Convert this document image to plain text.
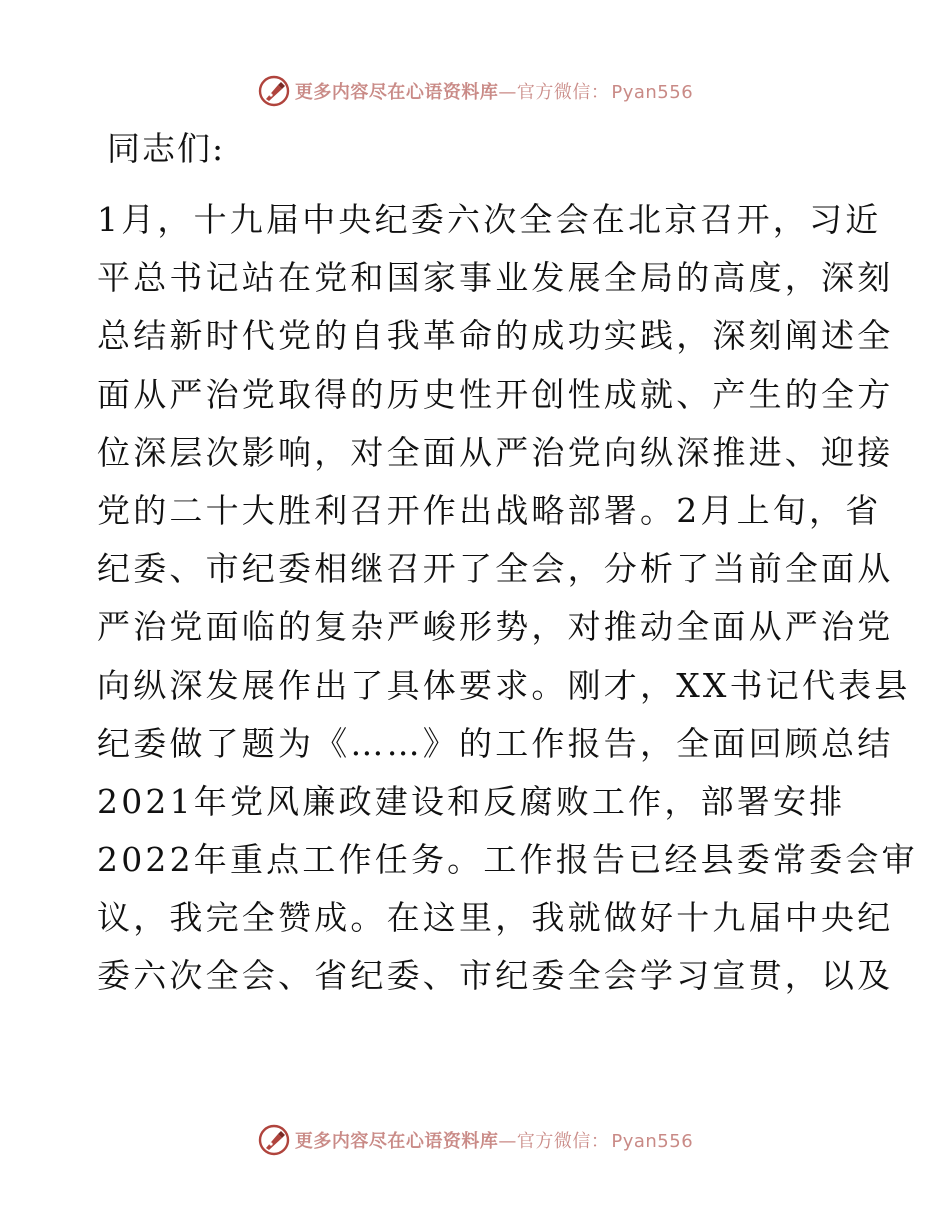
更多内容尽在心语资料库—官方微信： Pyan556

同志们:

1月，十九届中央纪委六次全会在北京召开，习近
平总书记站在党和国家事业发展全局的高度，深刻
总结新时代党的自我革命的成功实践，深刻阐述全
面从严治党取得的历史性开创性成就、产生的全方
位深层次影响，对全面从严治党向纵深推进、迎接
党的二十大胜利召开作出战略部署。2月上旬，省
纪委、市纪委相继召开了全会，分析了当前全面从
严治党面临的复杂严峻形势，对推动全面从严治党
向纵深发展作出了具体要求。刚才，XX书记代表县
纪委做了题为《……》的工作报告，全面回顾总结
2021年党风廉政建设和反腐败工作，部署安排
2022年重点工作任务。工作报告已经县委常委会审
议，我完全赞成。在这里，我就做好十九届中央纪
委六次全会、省纪委、市纪委全会学习宣贯，以及
更多内容尽在心语资料库—官方微信： Pyan556
